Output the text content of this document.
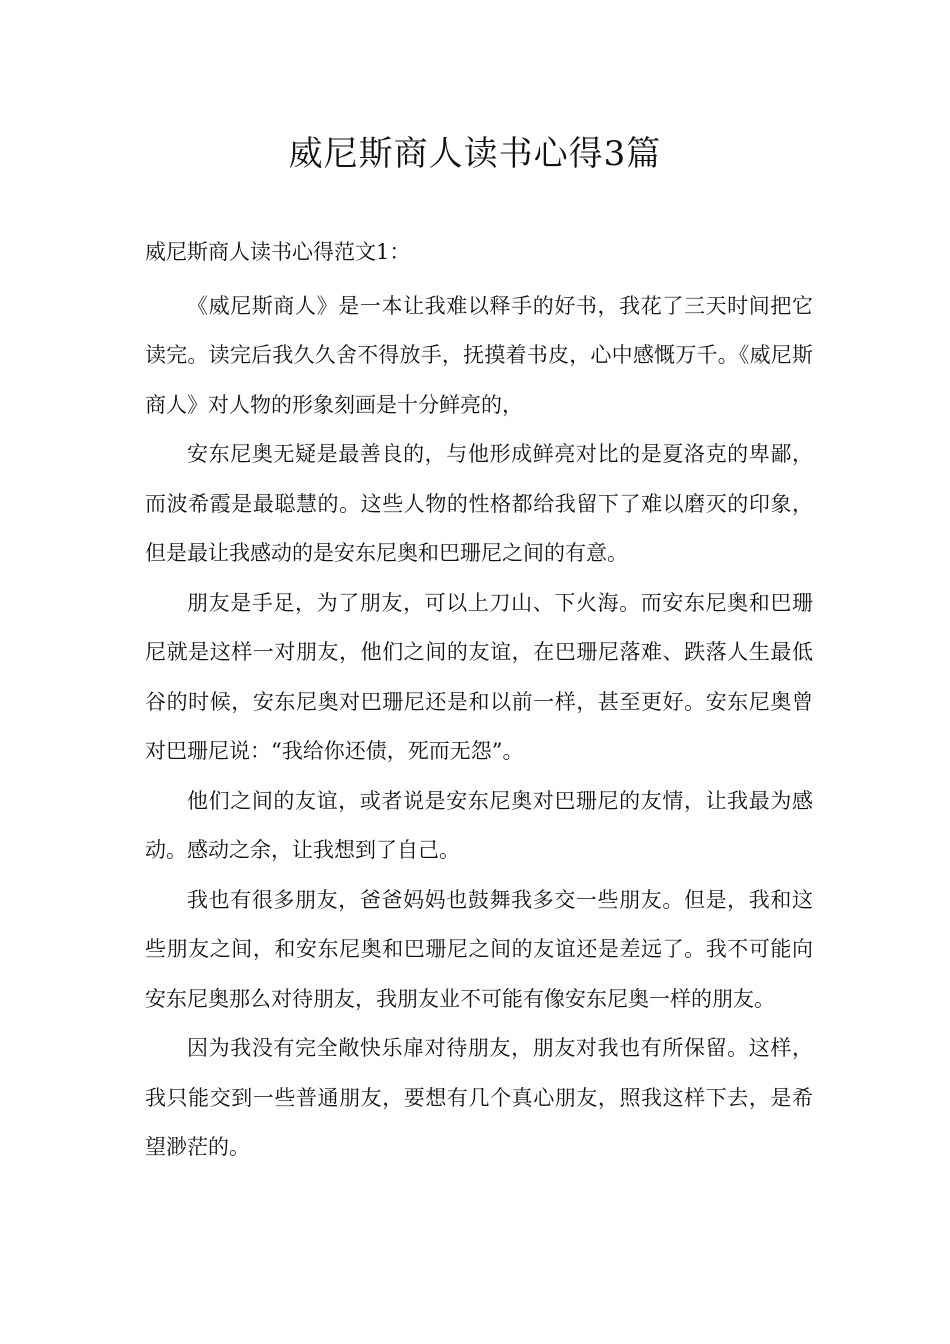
威尼斯商人读书心得3篇

威尼斯商人读书心得范文1：

《威尼斯商人》是一本让我难以释手的好书，我花了三天时间把它读完。读完后我久久舍不得放手，抚摸着书皮，心中感慨万千。《威尼斯商人》对人物的形象刻画是十分鲜亮的，

安东尼奥无疑是最善良的，与他形成鲜亮对比的是夏洛克的卑鄙，而波希霞是最聪慧的。这些人物的性格都给我留下了难以磨灭的印象，但是最让我感动的是安东尼奥和巴珊尼之间的有意。

朋友是手足，为了朋友，可以上刀山、下火海。而安东尼奥和巴珊尼就是这样一对朋友，他们之间的友谊，在巴珊尼落难、跌落人生最低谷的时候，安东尼奥对巴珊尼还是和以前一样，甚至更好。安东尼奥曾对巴珊尼说：“我给你还债，死而无怨”。

他们之间的友谊，或者说是安东尼奥对巴珊尼的友情，让我最为感动。感动之余，让我想到了自己。

我也有很多朋友，爸爸妈妈也鼓舞我多交一些朋友。但是，我和这些朋友之间，和安东尼奥和巴珊尼之间的友谊还是差远了。我不可能向安东尼奥那么对待朋友，我朋友业不可能有像安东尼奥一样的朋友。

因为我没有完全敞快乐扉对待朋友，朋友对我也有所保留。这样，我只能交到一些普通朋友，要想有几个真心朋友，照我这样下去，是希望渺茫的。
